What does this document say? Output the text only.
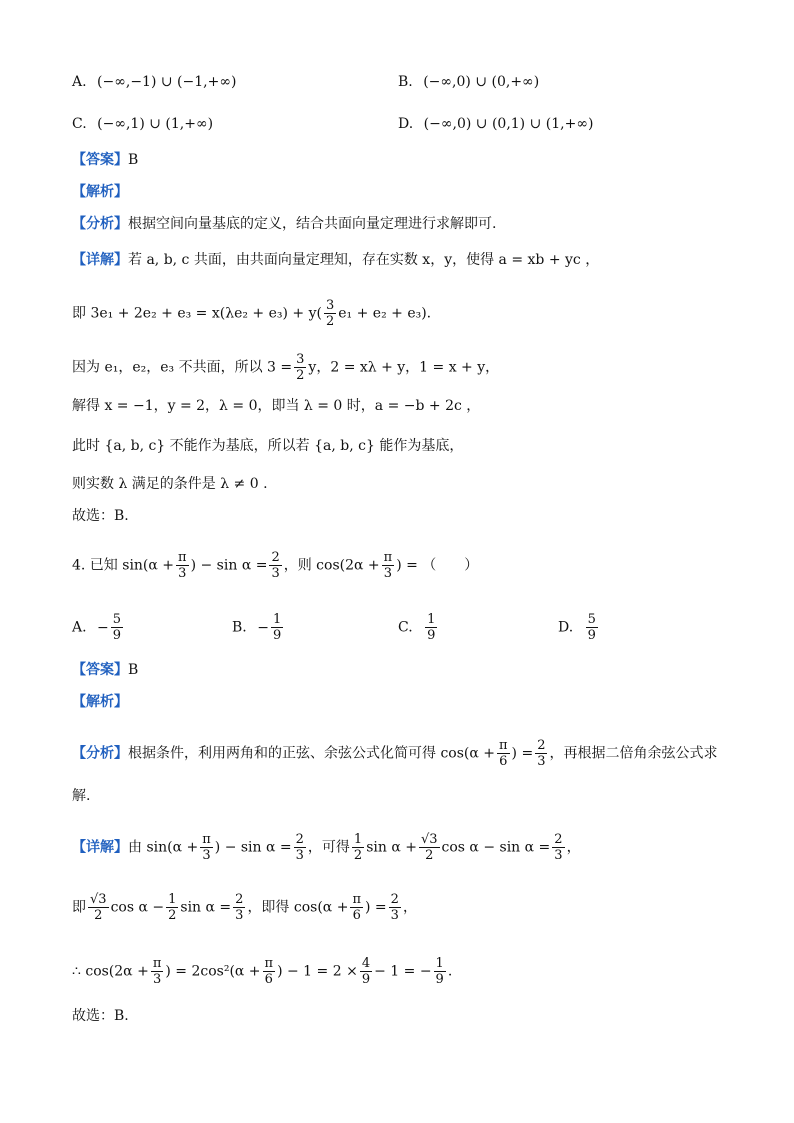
A. (−∞,−1) ∪ (−1,+∞)	B. (−∞,0) ∪ (0,+∞)
C. (−∞,1) ∪ (1,+∞)	D. (−∞,0) ∪ (0,1) ∪ (1,+∞)
【答案】B
【解析】
【分析】根据空间向量基底的定义，结合共面向量定理进行求解即可.
【详解】若 a, b, c 共面，由共面向量定理知，存在实数 x，y，使得 a = xb + yc ，
即 $3e_1 + 2e_2 + e_3 = x(\lambda e_2 + e_3) + y( \frac{3}{2} e_1 + e_2 + e_3)$.
因为 e₁，e₂，e₃ 不共面，所以 $3 = \frac{3}{2}$ y，2 = xλ + y，1 = x + y，
解得 x = −1，y = 2，λ = 0，即当 λ = 0 时，a = −b + 2c ，
此时 {a, b, c} 不能作为基底，所以若 {a, b, c} 能作为基底，
则实数 λ 满足的条件是 λ ≠ 0 .
故选：B.
4. 已知 $\sin(\alpha + \frac{\pi}{3}$ ) − $\sin \alpha = \frac{2}{3}$ ，则 $\cos(2\alpha + \frac{\pi}{3}$ ) = （　　）
A. − $\frac{5}{9}$	B. − $\frac{1}{9}$	C. $\frac{1}{9}$	D. $\frac{5}{9}$
【答案】B
【解析】
【分析】根据条件，利用两角和的正弦、余弦公式化简可得 $\cos(\alpha + \frac{\pi}{6}$ ) = $\frac{2}{3}$ ，再根据二倍角余弦公式求
解.
【详解】由 $\sin(\alpha + \frac{\pi}{3}$ ) − $\sin \alpha = \frac{2}{3}$ ，可得 $\frac{1}{2}$ $\sin \alpha + \frac{√3}{2}$ $\cos \alpha - \sin \alpha = \frac{2}{3}$ ，
即 $\frac{√3}{2}$ $\cos \alpha - \frac{1}{2}$ $\sin \alpha = \frac{2}{3}$ ，即得 $\cos(\alpha + \frac{\pi}{6}$ ) = $\frac{2}{3}$ ，
∴ $\cos(2\alpha + \frac{\pi}{3}$ ) = $2\cos^2(\alpha + \frac{\pi}{6}$ ) − $1 = 2 \times \frac{4}{9} - 1$ = − $\frac{1}{9}$ .
故选：B.
